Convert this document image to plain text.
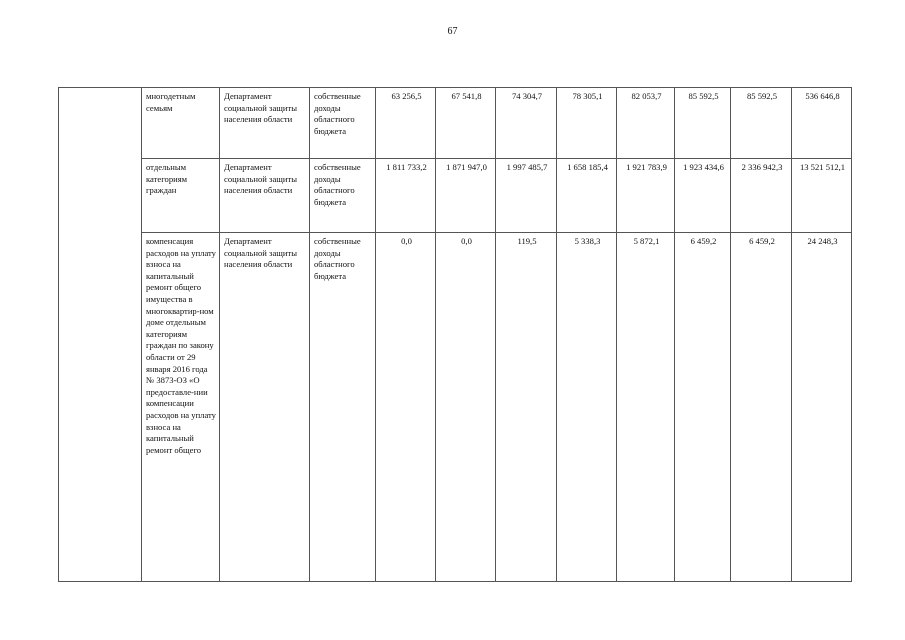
67
	многодетным семьям	Департамент социальной защиты населения области	собственные доходы областного бюджета	63 256,5	67 541,8	74 304,7	78 305,1	82 053,7	85 592,5	85 592,5	536 646,8
	отдельным категориям граждан	Департамент социальной защиты населения области	собственные доходы областного бюджета	1 811 733,2	1 871 947,0	1 997 485,7	1 658 185,4	1 921 783,9	1 923 434,6	2 336 942,3	13 521 512,1
	компенсация расходов на уплату взноса на капитальный ремонт общего имущества в многоквартир-ном доме отдельным категориям граждан по закону области от 29 января 2016 года № 3873-ОЗ «О предоставле-нии компенсации расходов на уплату взноса на капитальный ремонт общего	Департамент социальной защиты населения области	собственные доходы областного бюджета	0,0	0,0	119,5	5 338,3	5 872,1	6 459,2	6 459,2	24 248,3
